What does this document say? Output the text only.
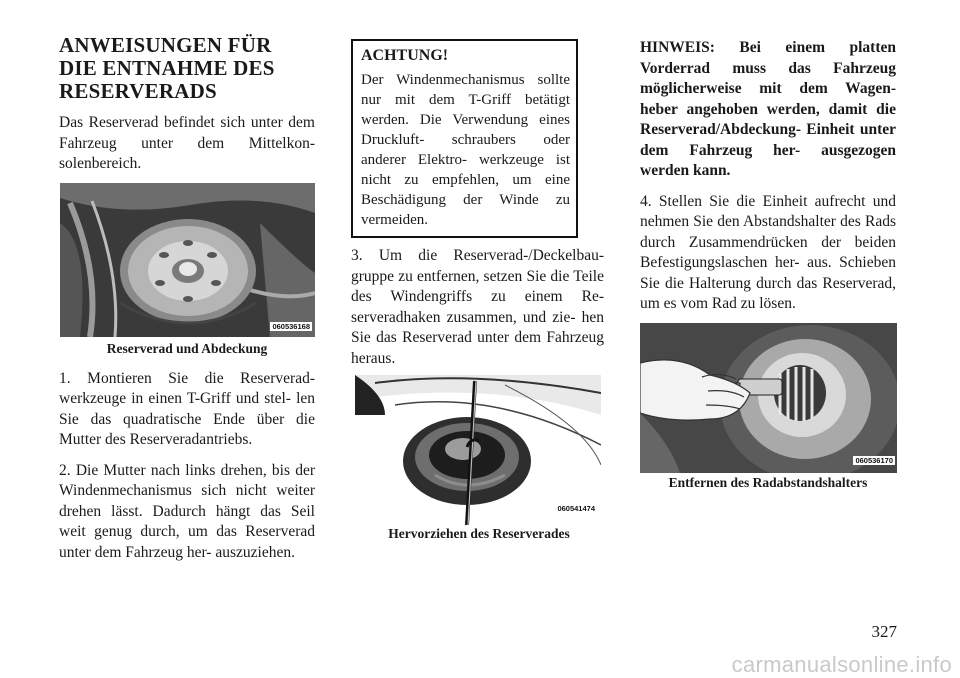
ANWEISUNGEN FÜR
DIE ENTNAHME DES
RESERVERADS

Das Reserverad befindet sich unter dem Fahrzeug unter dem Mittelkon- solenbereich.

060536168
Reserverad und Abdeckung

1. Montieren Sie die Reserverad- werkzeuge in einen T-Griff und stel- len Sie das quadratische Ende über die Mutter des Reserveradantriebs.

2. Die Mutter nach links drehen, bis der Windenmechanismus sich nicht weiter drehen lässt. Dadurch hängt das Seil weit genug durch, um das Reserverad unter dem Fahrzeug her- auszuziehen.

ACHTUNG!

Der Windenmechanismus sollte nur mit dem T-Griff betätigt werden. Die Verwendung eines Druckluft- schraubers oder anderer Elektro- werkzeuge ist nicht zu empfehlen, um eine Beschädigung der Winde zu vermeiden.

3. Um die Reserverad-/Deckelbau- gruppe zu entfernen, setzen Sie die Teile des Windengriffs zu einem Re- serveradhaken zusammen, und zie- hen Sie das Reserverad unter dem Fahrzeug heraus.

060541474
Hervorziehen des Reserverades

HINWEIS: Bei einem platten Vorderrad muss das Fahrzeug möglicherweise mit dem Wagen- heber angehoben werden, damit die Reserverad/Abdeckung- Einheit unter dem Fahrzeug her- ausgezogen werden kann.

4. Stellen Sie die Einheit aufrecht und nehmen Sie den Abstandshalter des Rads durch Zusammendrücken der beiden Befestigungslaschen her- aus. Schieben Sie die Halterung durch das Reserverad, um es vom Rad zu lösen.

060536170
Entfernen des Radabstandshalters
327
carmanualsonline.info
